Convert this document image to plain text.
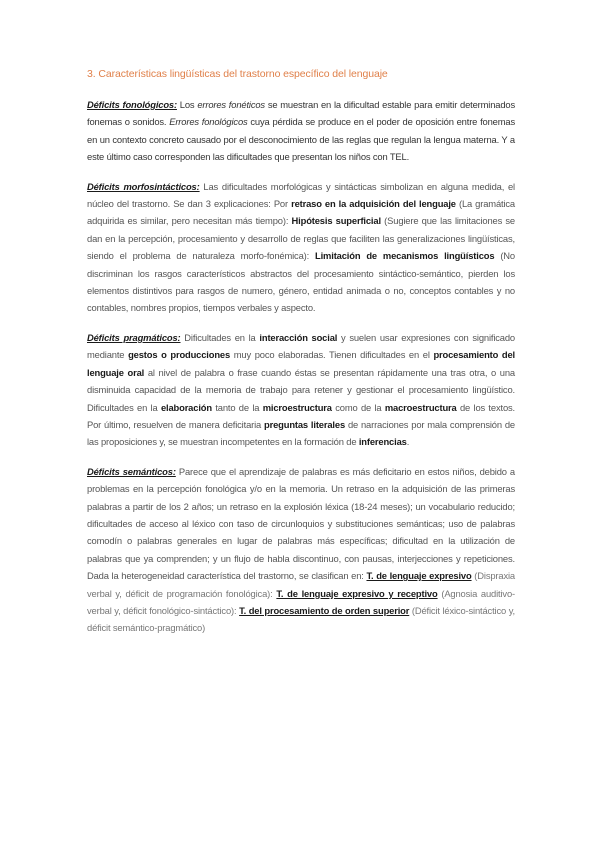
3. Características lingüísticas del trastorno específico del lenguaje

Déficits fonológicos: Los errores fonéticos se muestran en la dificultad estable para emitir determinados fonemas o sonidos. Errores fonológicos cuya pérdida se produce en el poder de oposición entre fonemas en un contexto concreto causado por el desconocimiento de las reglas que regulan la lengua materna. Y a este último caso corresponden las dificultades que presentan los niños con TEL.

Déficits morfosintácticos: Las dificultades morfológicas y sintácticas simbolizan en alguna medida, el núcleo del trastorno. Se dan 3 explicaciones: Por retraso en la adquisición del lenguaje (La gramática adquirida es similar, pero necesitan más tiempo): Hipótesis superficial (Sugiere que las limitaciones se dan en la percepción, procesamiento y desarrollo de reglas que faciliten las generalizaciones lingüísticas, siendo el problema de naturaleza morfo-fonémica): Limitación de mecanismos lingüísticos (No discriminan los rasgos característicos abstractos del procesamiento sintáctico-semántico, pierden los elementos distintivos para rasgos de numero, género, entidad animada o no, conceptos contables y no contables, nombres propios, tiempos verbales y aspecto.

Déficits pragmáticos: Dificultades en la interacción social y suelen usar expresiones con significado mediante gestos o producciones muy poco elaboradas. Tienen dificultades en el procesamiento del lenguaje oral al nivel de palabra o frase cuando éstas se presentan rápidamente una tras otra, o una disminuida capacidad de la memoria de trabajo para retener y gestionar el procesamiento lingüístico. Dificultades en la elaboración tanto de la microestructura como de la macroestructura de los textos. Por último, resuelven de manera deficitaria preguntas literales de narraciones por mala comprensión de las proposiciones y, se muestran incompetentes en la formación de inferencias.

Déficits semánticos: Parece que el aprendizaje de palabras es más deficitario en estos niños, debido a problemas en la percepción fonológica y/o en la memoria. Un retraso en la adquisición de las primeras palabras a partir de los 2 años; un retraso en la explosión léxica (18-24 meses); un vocabulario reducido; dificultades de acceso al léxico con taso de circunloquios y substituciones semánticas; uso de palabras comodín o palabras generales en lugar de palabras más específicas; dificultad en la utilización de palabras que ya comprenden; y un flujo de habla discontinuo, con pausas, interjecciones y repeticiones. Dada la heterogeneidad característica del trastorno, se clasifican en: T. de lenguaje expresivo (Dispraxia verbal y, déficit de programación fonológica): T. de lenguaje expresivo y receptivo (Agnosia auditivo-verbal y, déficit fonológico-sintáctico): T. del procesamiento de orden superior (Déficit léxico-sintáctico y, déficit semántico-pragmático)
